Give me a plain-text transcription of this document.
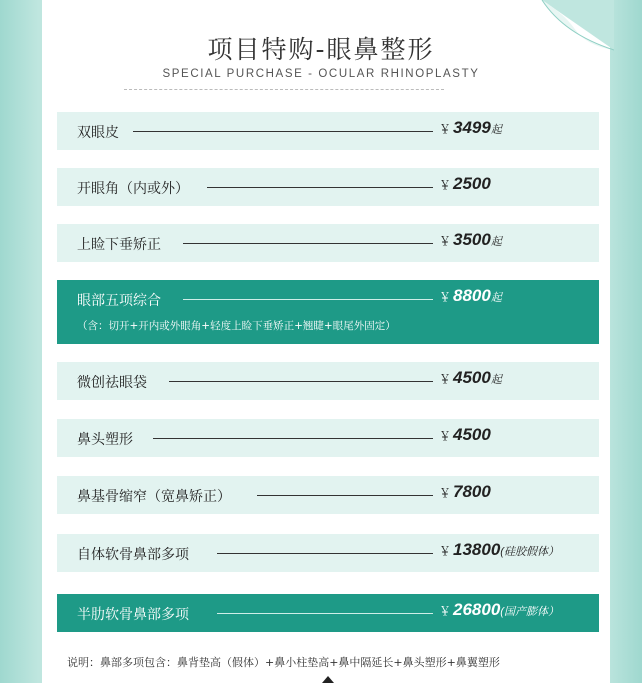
项目特购-眼鼻整形
SPECIAL PURCHASE - OCULAR RHINOPLASTY
双眼皮	￥ 3499起
开眼角（内或外）	￥ 2500
上睑下垂矫正	￥ 3500起
眼部五项综合	￥ 8800起
（含：切开+开内或外眼角+轻度上睑下垂矫正+翘睫+眼尾外固定）
微创祛眼袋	￥ 4500起
鼻头塑形	￥ 4500
鼻基骨缩窄（宽鼻矫正）	￥ 7800
自体软骨鼻部多项	￥ 13800(硅胶假体）
半肋软骨鼻部多项	￥ 26800(国产膨体）
说明：鼻部多项包含：鼻背垫高（假体）+鼻小柱垫高+鼻中隔延长+鼻头塑形+鼻翼塑形
